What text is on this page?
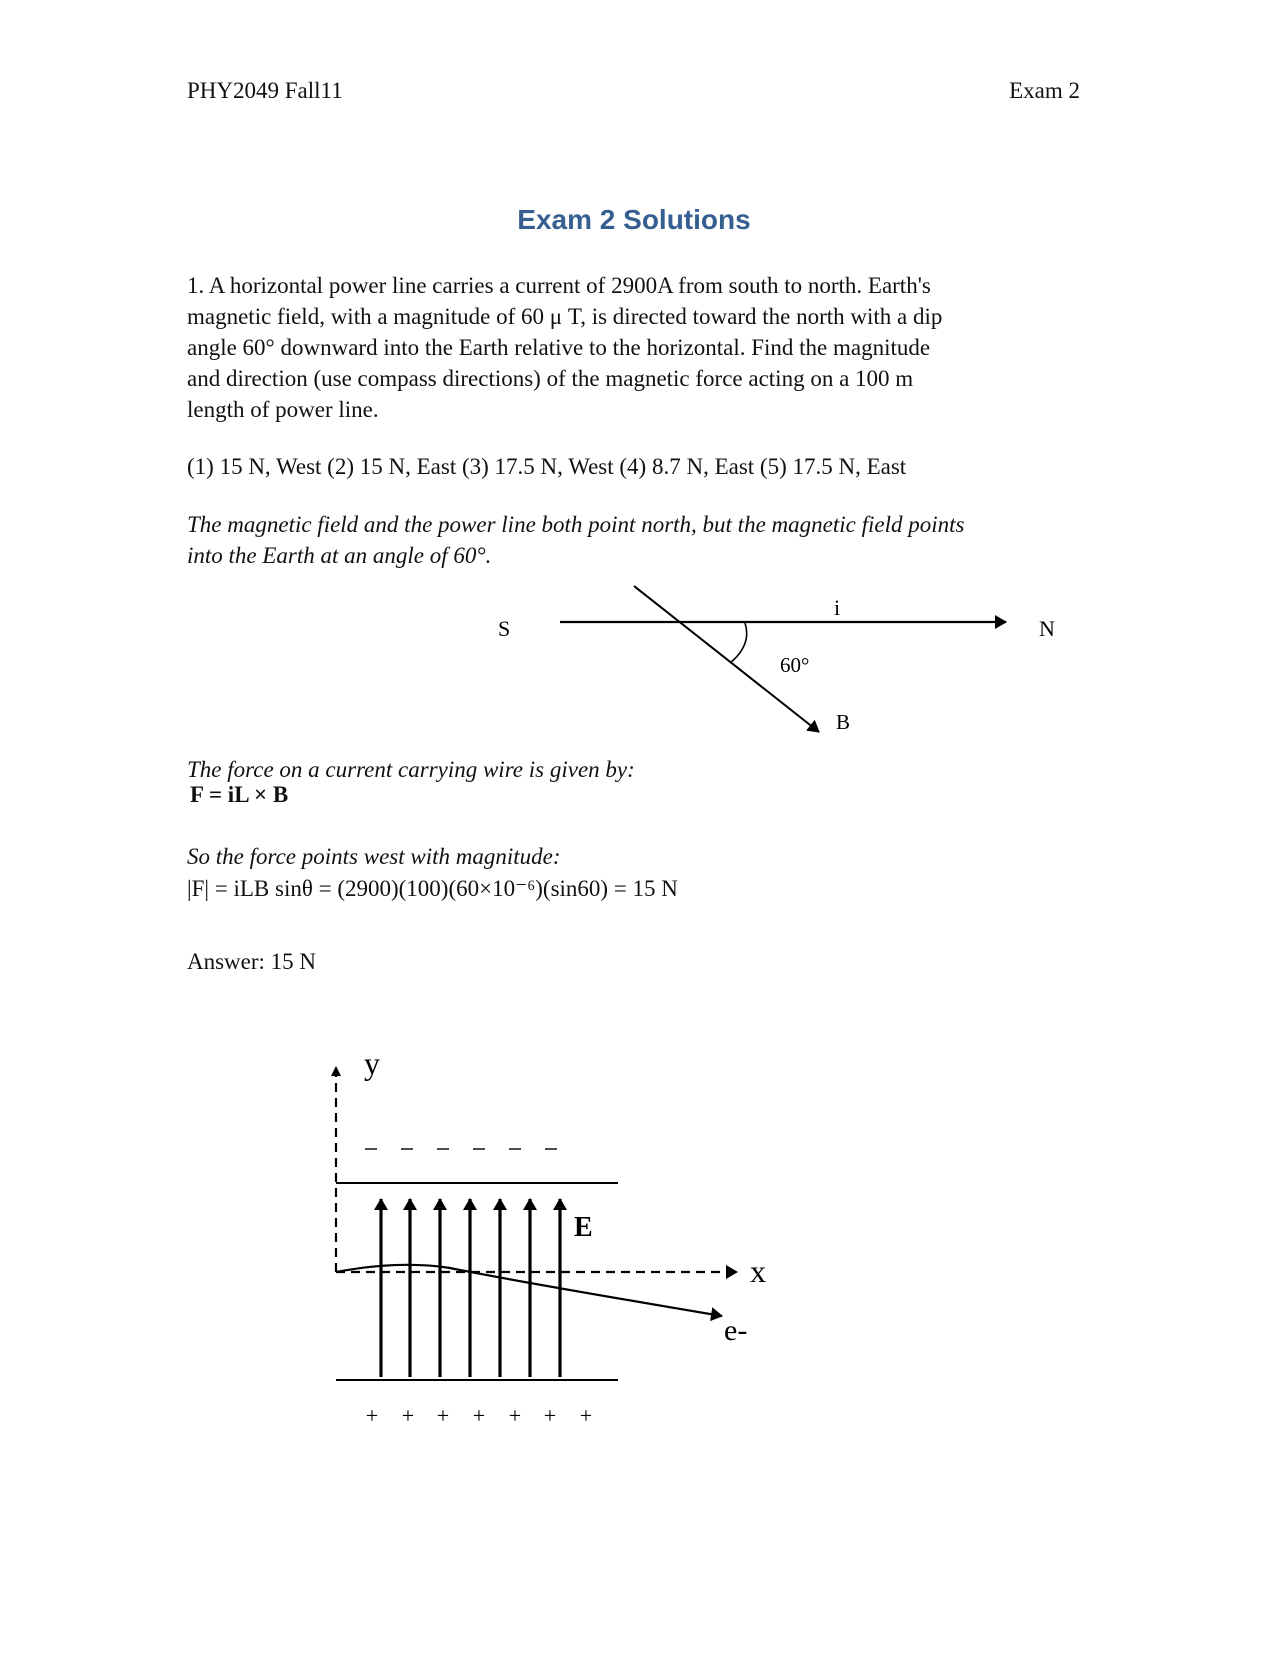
PHY2049 Fall11	Exam 2
Exam 2 Solutions
1. A horizontal power line carries a current of 2900A from south to north. Earth's
magnetic field, with a magnitude of 60 μ T, is directed toward the north with a dip
angle 60° downward into the Earth relative to the horizontal. Find the magnitude
and direction (use compass directions) of the magnetic force acting on a 100 m
length of power line.
(1) 15 N, West (2) 15 N, East (3) 17.5 N, West (4) 8.7 N, East (5) 17.5 N, East
The magnetic field and the power line both point north, but the magnetic field points
into the Earth at an angle of 60°.
The force on a current carrying wire is given by:
F = iL × B
So the force points west with magnitude:
|F| = iLB sinθ = (2900)(100)(60×10⁻⁶)(sin60) = 15 N
Answer: 15 N
S	N
i
60°
B
y
x
+ + + + + + +
E
e-
